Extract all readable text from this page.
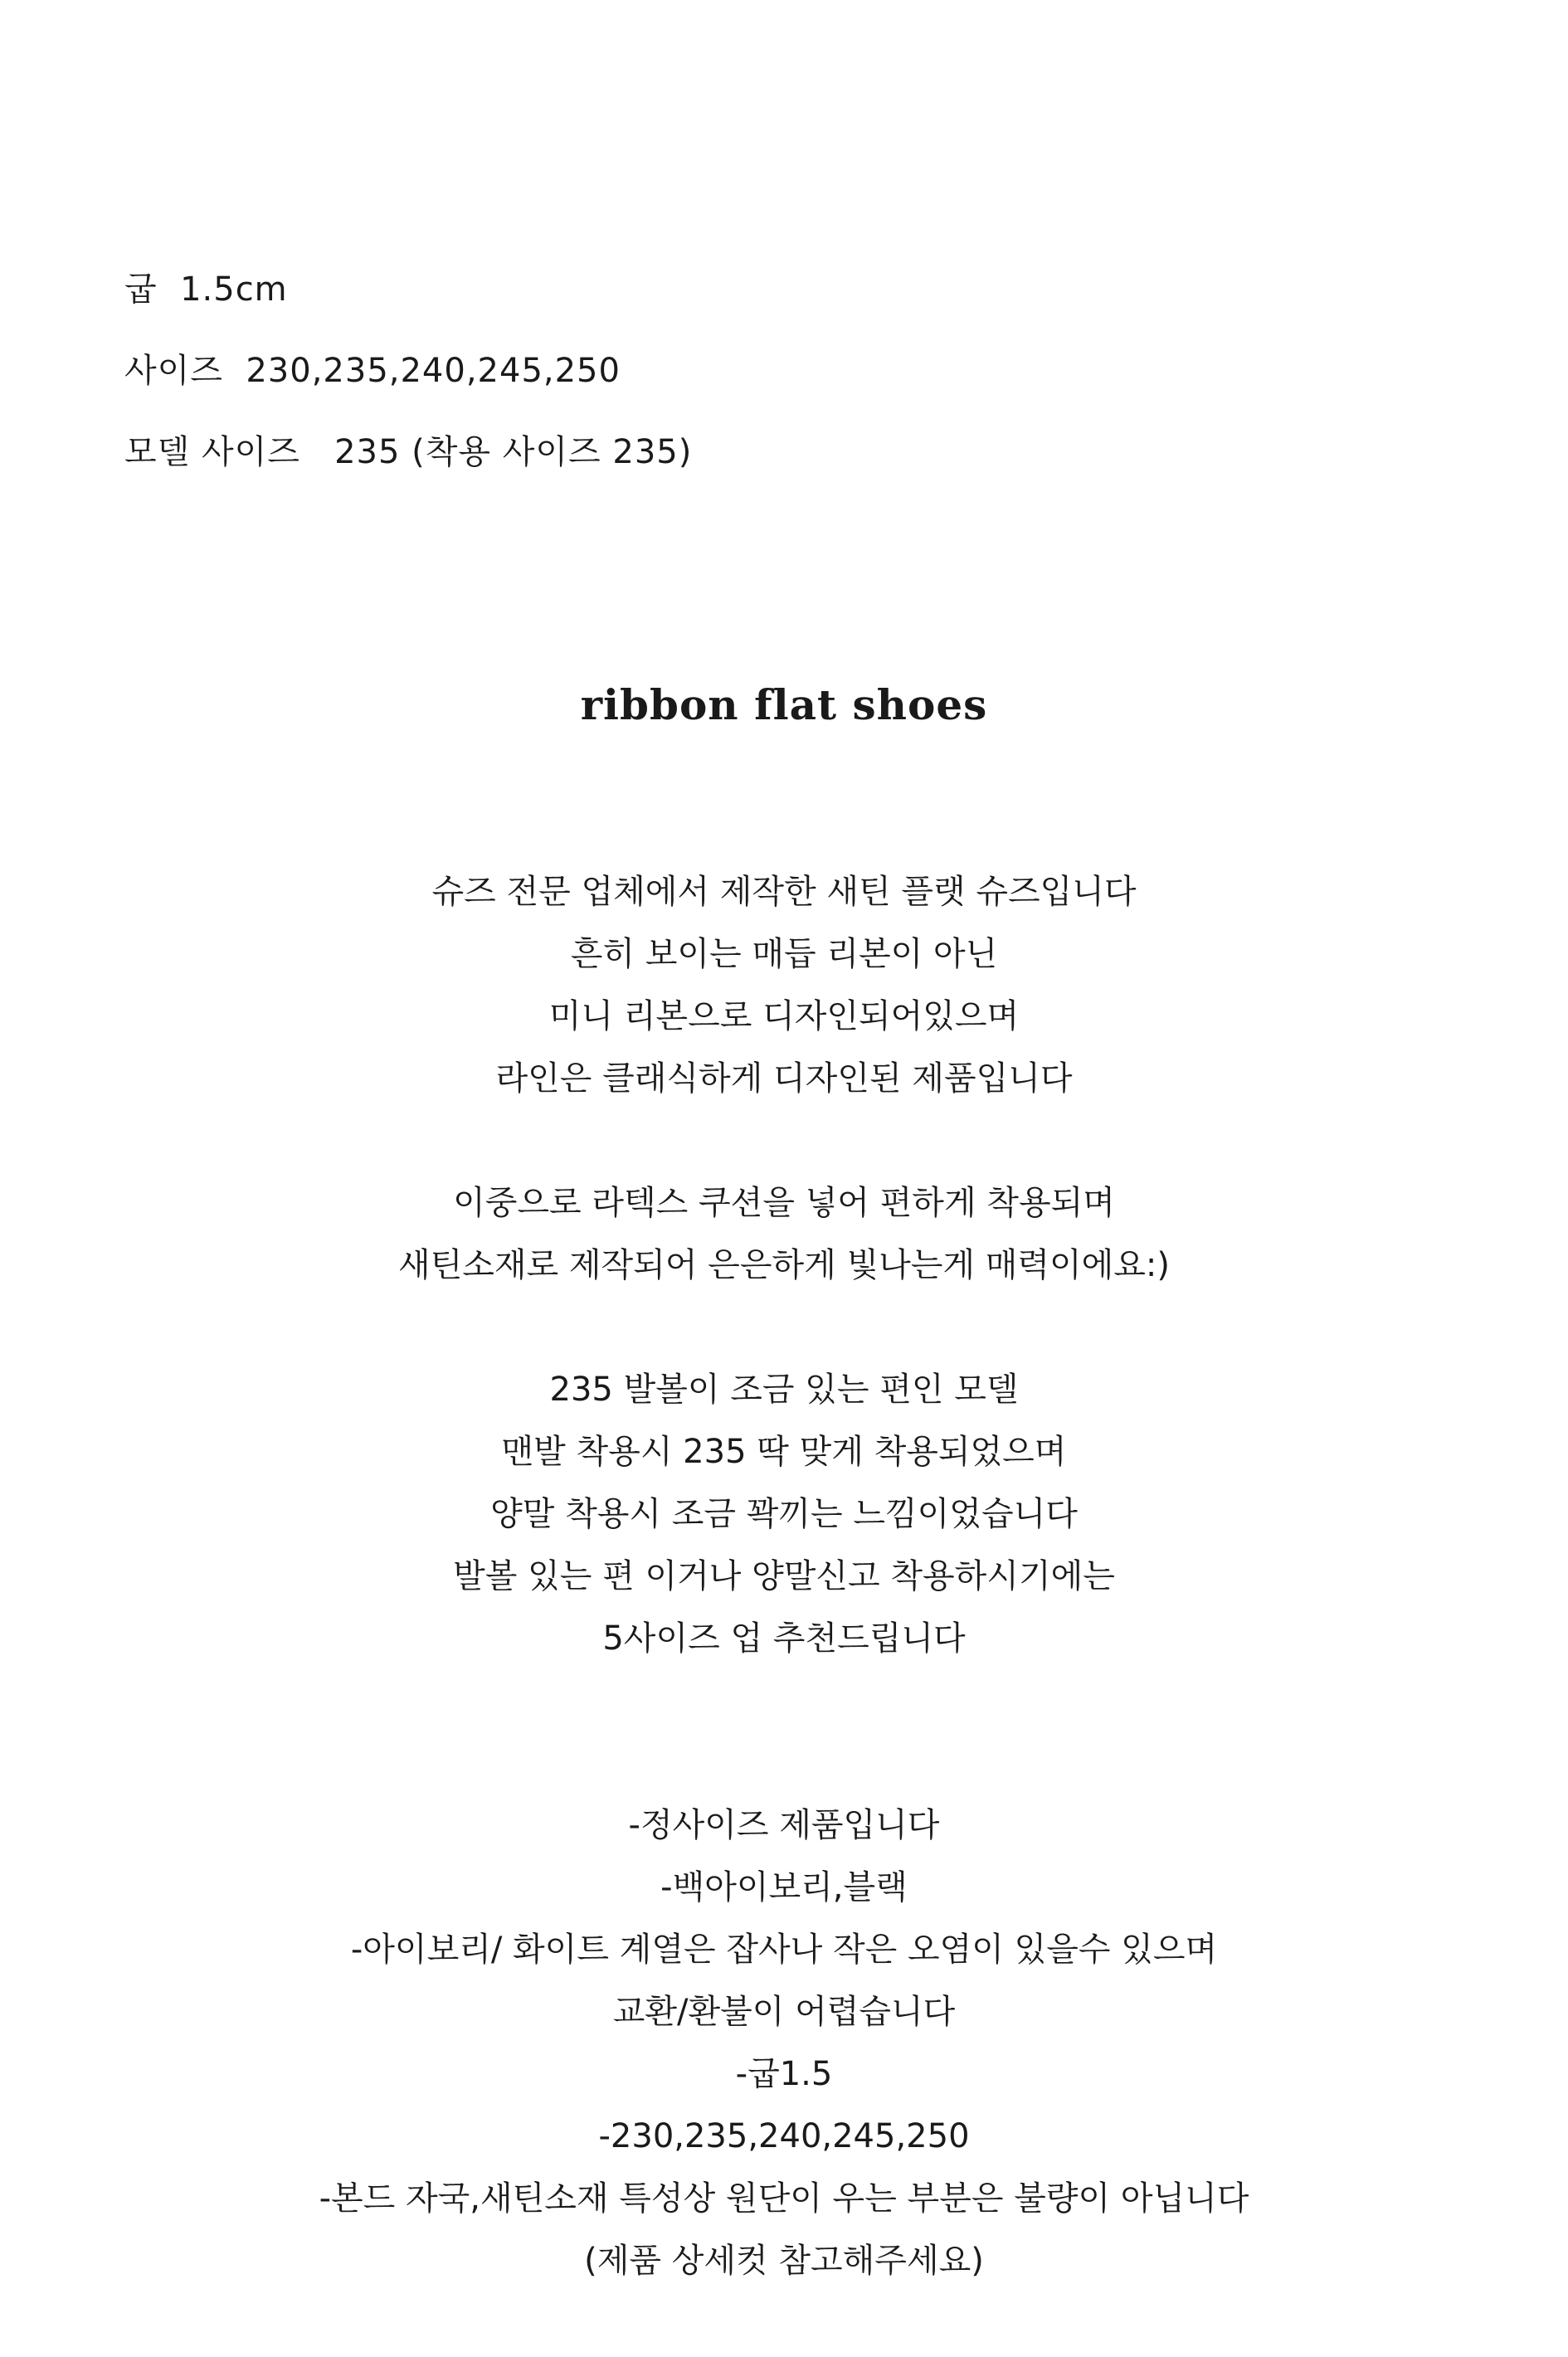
굽 1.5cm
사이즈 230,235,240,245,250
모델 사이즈 235 (착용 사이즈 235)
ribbon flat shoes
슈즈 전문 업체에서 제작한 새틴 플랫 슈즈입니다
흔히 보이는 매듭 리본이 아닌
미니 리본으로 디자인되어있으며
라인은 클래식하게 디자인된 제품입니다
이중으로 라텍스 쿠션을 넣어 편하게 착용되며
새틴소재로 제작되어 은은하게 빛나는게 매력이에요:)
235 발볼이 조금 있는 편인 모델
맨발 착용시 235 딱 맞게 착용되었으며
양말 착용시 조금 꽉끼는 느낌이었습니다
발볼 있는 편 이거나 양말신고 착용하시기에는
5사이즈 업 추천드립니다
-정사이즈 제품입니다
-백아이보리,블랙
-아이보리/ 화이트 계열은 잡사나 작은 오염이 있을수 있으며
교환/환불이 어렵습니다
-굽1.5
-230,235,240,245,250
-본드 자국,새틴소재 특성상 원단이 우는 부분은 불량이 아닙니다
(제품 상세컷 참고해주세요)
